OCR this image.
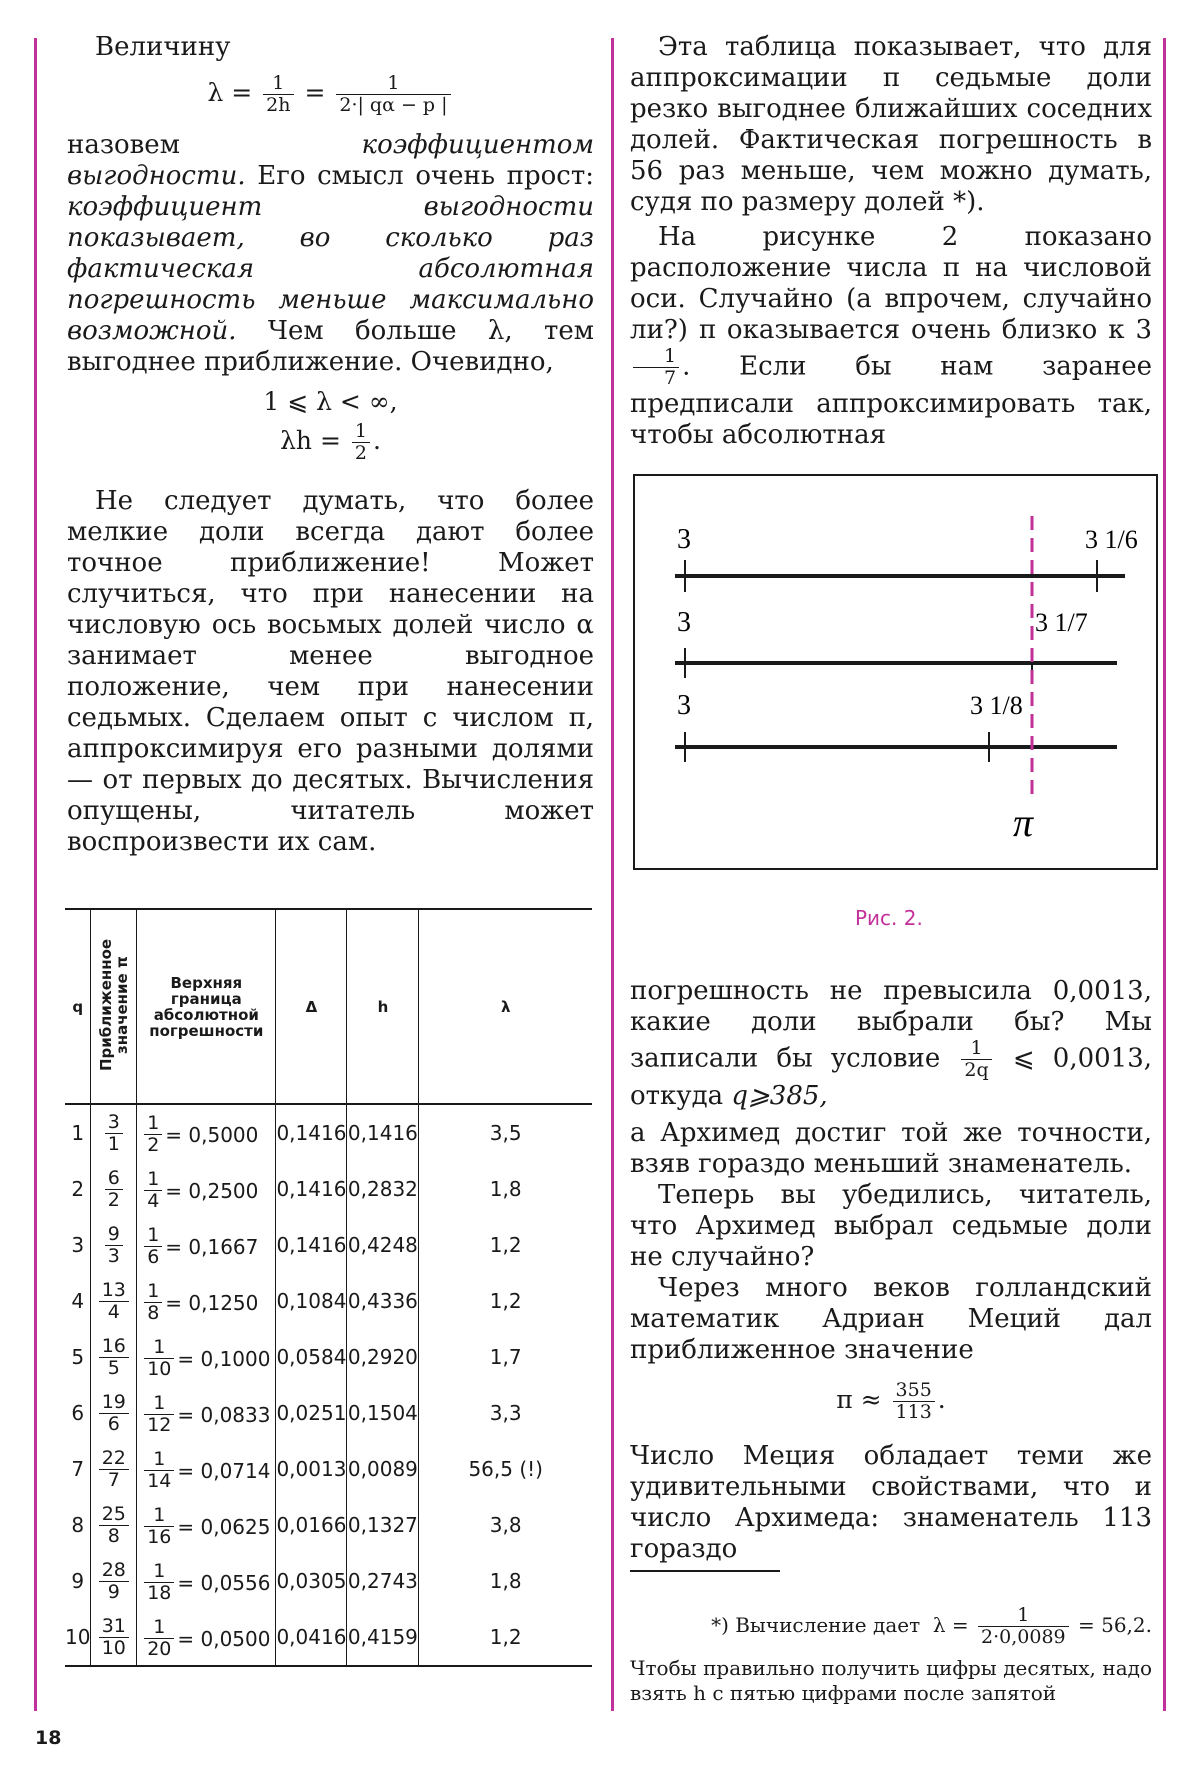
Величину

$\lambda = \frac{1}{2h} = \frac{1}{2\cdot| q\alpha - p |}$

назовем	коэффициентом выгодности. Его смысл очень прост: коэффициент выгодности показывает, во сколько раз фактическая абсолютная погрешность меньше максимально возможной. Чем больше λ, тем выгоднее приближение. Очевидно,

1 ⩽ λ < ∞,
$\lambda h = \frac{1}{2}$ .

Не следует думать, что более мелкие доли всегда дают более точное приближение! Может случиться, что при нанесении на числовую ось восьмых долей число α занимает менее выгодное положение, чем при нанесении седьмых. Сделаем опыт с числом π, аппроксимируя его разными долями — от первых до десятых. Вычисления опущены, читатель может воспроизвести их сам.

q	Приближенное значение π	Верхняя граница абсолютной погрешности	Δ	h	λ
1	$\frac{3}{1}$	$\frac{1}{2} = 0,5000$	0,1416	0,1416	3,5
2	$\frac{6}{2}$	$\frac{1}{4} = 0,2500$	0,1416	0,2832	1,8
3	$\frac{9}{3}$	$\frac{1}{6} = 0,1667$	0,1416	0,4248	1,2
4	$\frac{13}{4}$	$\frac{1}{8} = 0,1250$	0,1084	0,4336	1,2
5	$\frac{16}{5}$	$\frac{1}{10} = 0,1000$	0,0584	0,2920	1,7
6	$\frac{19}{6}$	$\frac{1}{12} = 0,0833$	0,0251	0,1504	3,3
7	$\frac{22}{7}$	$\frac{1}{14} = 0,0714$	0,0013	0,0089	56,5 (!)
8	$\frac{25}{8}$	$\frac{1}{16} = 0,0625$	0,0166	0,1327	3,8
9	$\frac{28}{9}$	$\frac{1}{18} = 0,0556$	0,0305	0,2743	1,8
10	$\frac{31}{10}$	$\frac{1}{20} = 0,0500$	0,0416	0,4159	1,2

Эта таблица показывает, что для аппроксимации π седьмые доли резко выгоднее ближайших соседних долей. Фактическая погрешность в 56 раз меньше, чем можно думать, судя по размеру долей *).

На рисунке 2 показано расположение числа π на числовой оси. Случайно (а впрочем, случайно ли?) π оказывается очень близко к 3
$\frac{1}{7}$ . Если бы нам заранее предписали аппроксимировать так, чтобы абсолютная

3	3 1/6
3	3 1/7
3	3 1/8
π
Рис. 2.

погрешность не превысила 0,0013, какие доли выбрали бы? Мы записали бы условие $\frac{1}{2q}$ ⩽ 0,0013, откуда q⩾385,

а Архимед достиг той же точности, взяв гораздо меньший знаменатель.

Теперь вы убедились, читатель, что Архимед выбрал седьмые доли не случайно?

Через много веков голландский математик Адриан Меций дал приближенное значение

$\pi \approx \frac{355}{113}$ .

Число Меция обладает теми же удивительными свойствами, что и число Архимеда: знаменатель 113 гораздо

*) Вычисление дает $\lambda = \frac{1}{2\cdot 0,0089} = 56,2$.
Чтобы правильно получить цифры десятых, надо взять h с пятью цифрами после запятой
18
